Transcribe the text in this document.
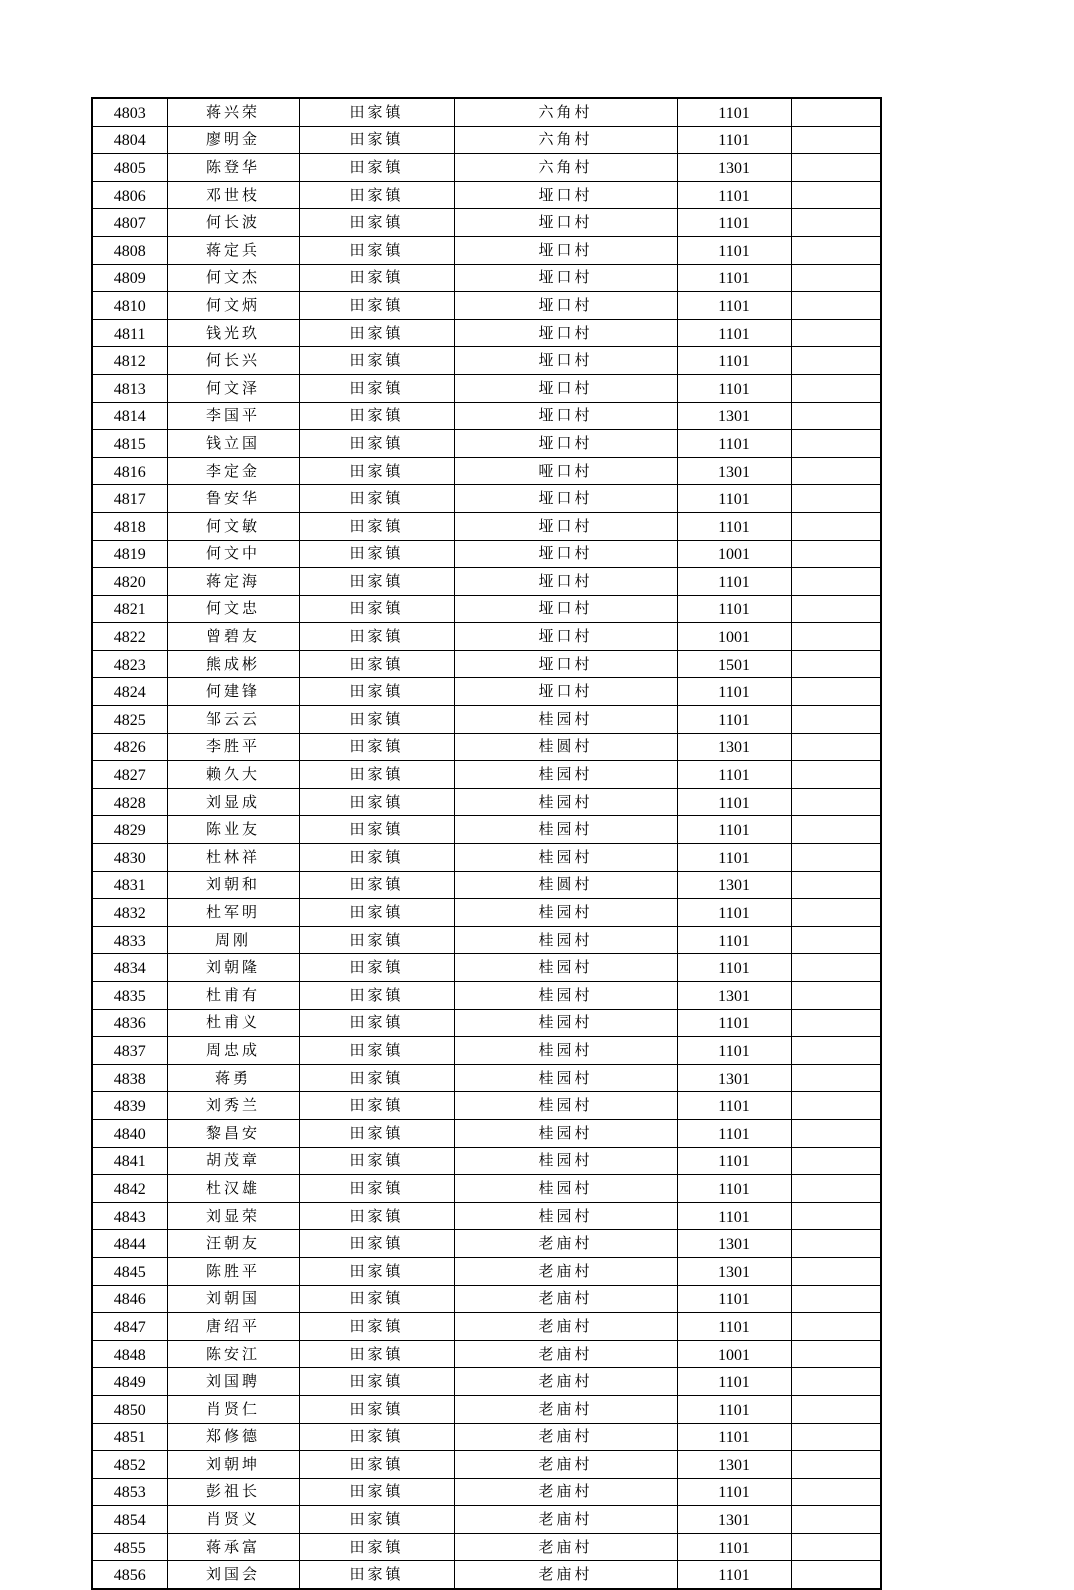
4803	蒋兴荣	田家镇	六角村	1101	
4804	廖明金	田家镇	六角村	1101	
4805	陈登华	田家镇	六角村	1301	
4806	邓世枝	田家镇	垭口村	1101	
4807	何长波	田家镇	垭口村	1101	
4808	蒋定兵	田家镇	垭口村	1101	
4809	何文杰	田家镇	垭口村	1101	
4810	何文炳	田家镇	垭口村	1101	
4811	钱光玖	田家镇	垭口村	1101	
4812	何长兴	田家镇	垭口村	1101	
4813	何文泽	田家镇	垭口村	1101	
4814	李国平	田家镇	垭口村	1301	
4815	钱立国	田家镇	垭口村	1101	
4816	李定金	田家镇	哑口村	1301	
4817	鲁安华	田家镇	垭口村	1101	
4818	何文敏	田家镇	垭口村	1101	
4819	何文中	田家镇	垭口村	1001	
4820	蒋定海	田家镇	垭口村	1101	
4821	何文忠	田家镇	垭口村	1101	
4822	曾碧友	田家镇	垭口村	1001	
4823	熊成彬	田家镇	垭口村	1501	
4824	何建锋	田家镇	垭口村	1101	
4825	邹云云	田家镇	桂园村	1101	
4826	李胜平	田家镇	桂圆村	1301	
4827	赖久大	田家镇	桂园村	1101	
4828	刘显成	田家镇	桂园村	1101	
4829	陈业友	田家镇	桂园村	1101	
4830	杜林祥	田家镇	桂园村	1101	
4831	刘朝和	田家镇	桂圆村	1301	
4832	杜军明	田家镇	桂园村	1101	
4833	周刚	田家镇	桂园村	1101	
4834	刘朝隆	田家镇	桂园村	1101	
4835	杜甫有	田家镇	桂园村	1301	
4836	杜甫义	田家镇	桂园村	1101	
4837	周忠成	田家镇	桂园村	1101	
4838	蒋勇	田家镇	桂园村	1301	
4839	刘秀兰	田家镇	桂园村	1101	
4840	黎昌安	田家镇	桂园村	1101	
4841	胡茂章	田家镇	桂园村	1101	
4842	杜汉雄	田家镇	桂园村	1101	
4843	刘显荣	田家镇	桂园村	1101	
4844	汪朝友	田家镇	老庙村	1301	
4845	陈胜平	田家镇	老庙村	1301	
4846	刘朝国	田家镇	老庙村	1101	
4847	唐绍平	田家镇	老庙村	1101	
4848	陈安江	田家镇	老庙村	1001	
4849	刘国聘	田家镇	老庙村	1101	
4850	肖贤仁	田家镇	老庙村	1101	
4851	郑修德	田家镇	老庙村	1101	
4852	刘朝坤	田家镇	老庙村	1301	
4853	彭祖长	田家镇	老庙村	1101	
4854	肖贤义	田家镇	老庙村	1301	
4855	蒋承富	田家镇	老庙村	1101	
4856	刘国会	田家镇	老庙村	1101	
